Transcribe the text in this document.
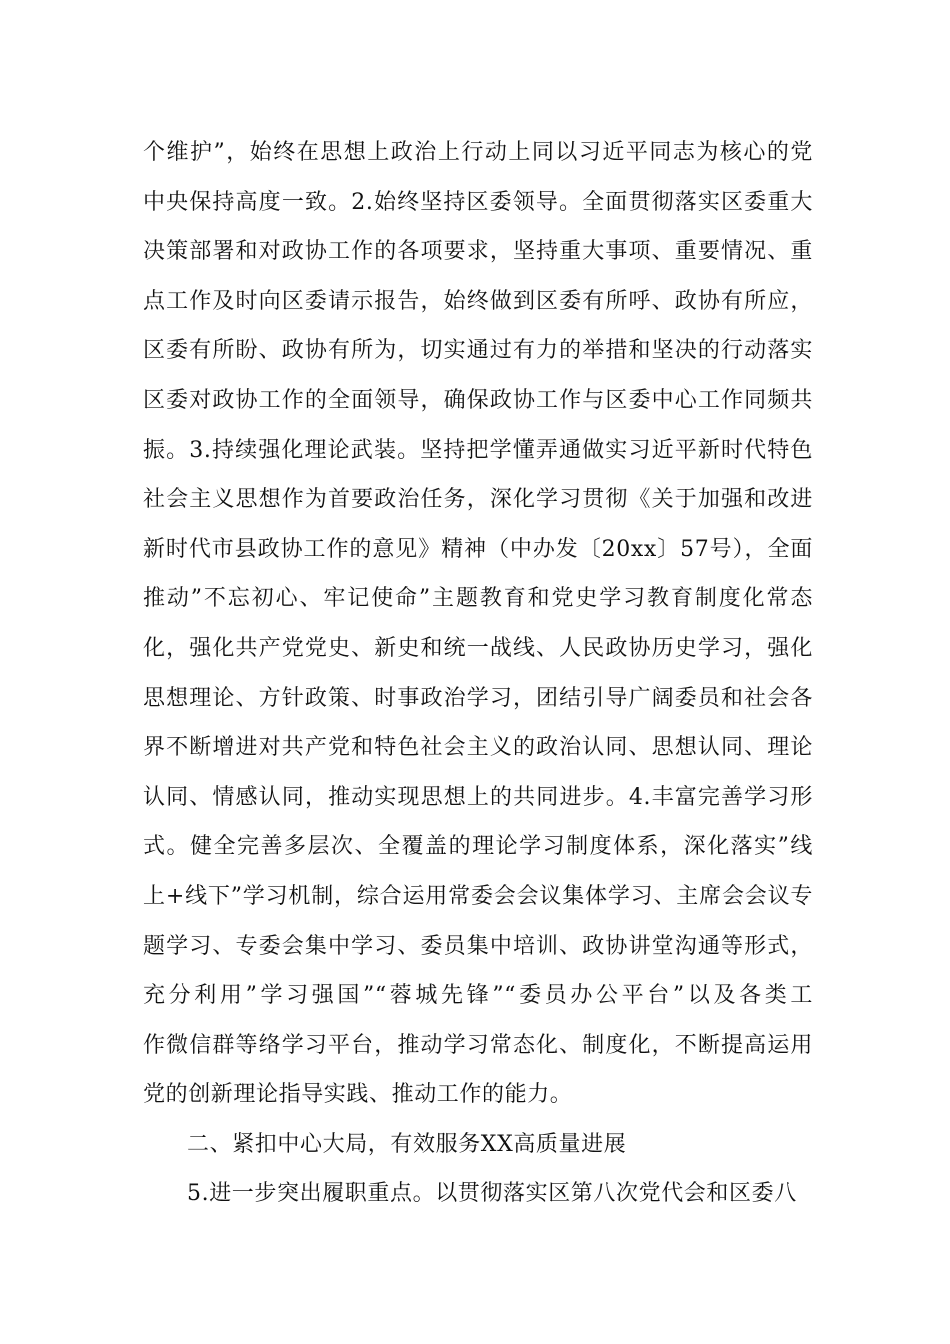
个维护”，始终在思想上政治上行动上同以习近平同志为核心的党
中央保持高度一致。2.始终坚持区委领导。全面贯彻落实区委重大
决策部署和对政协工作的各项要求，坚持重大事项、重要情况、重
点工作及时向区委请示报告，始终做到区委有所呼、政协有所应，
区委有所盼、政协有所为，切实通过有力的举措和坚决的行动落实
区委对政协工作的全面领导，确保政协工作与区委中心工作同频共
振。3.持续强化理论武装。坚持把学懂弄通做实习近平新时代特色
社会主义思想作为首要政治任务，深化学习贯彻《关于加强和改进
新时代市县政协工作的意见》精神（中办发〔20xx〕57号），全面
推动”不忘初心、牢记使命”主题教育和党史学习教育制度化常态
化，强化共产党党史、新史和统一战线、人民政协历史学习，强化
思想理论、方针政策、时事政治学习，团结引导广阔委员和社会各
界不断增进对共产党和特色社会主义的政治认同、思想认同、理论
认同、情感认同，推动实现思想上的共同进步。4.丰富完善学习形
式。健全完善多层次、全覆盖的理论学习制度体系，深化落实”线
上+线下”学习机制，综合运用常委会会议集体学习、主席会会议专
题学习、专委会集中学习、委员集中培训、政协讲堂沟通等形式，
充分利用”学习强国”“蓉城先锋”“委员办公平台”以及各类工
作微信群等络学习平台，推动学习常态化、制度化，不断提高运用
党的创新理论指导实践、推动工作的能力。
二、紧扣中心大局，有效服务XX高质量进展
5.进一步突出履职重点。以贯彻落实区第八次党代会和区委八
